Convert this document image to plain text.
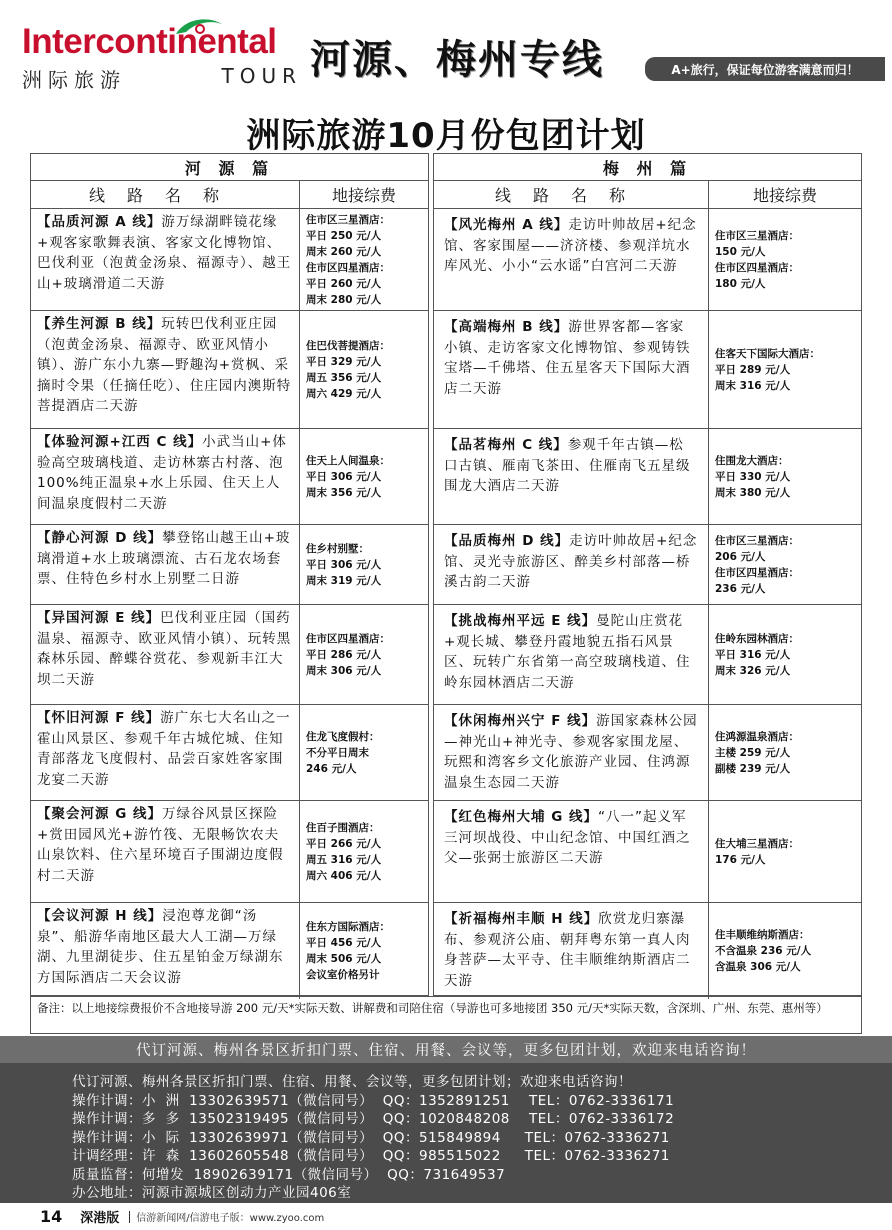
Intercontinental
洲际旅游	TOUR 河源、梅州专线	A+旅行，保证每位游客满意而归！
洲际旅游10月份包团计划
河 源 篇
线路名称	地接综费
【品质河源 A 线】游万绿湖畔镜花缘+观客家歌舞表演、客家文化博物馆、巴伐利亚（泡黄金汤泉、福源寺）、越王山+玻璃滑道二天游
住市区三星酒店：
平日 250 元/人
周末 260 元/人
住市区四星酒店：
平日 260 元/人
周末 280 元/人
【养生河源 B 线】玩转巴伐利亚庄园（泡黄金汤泉、福源寺、欧亚风情小镇）、游广东小九寨—野趣沟+赏枫、采摘时令果（任摘任吃）、住庄园内澳斯特菩提酒店二天游
住巴伐菩提酒店：
平日 329 元/人
周五 356 元/人
周六 429 元/人
【体验河源+江西 C 线】小武当山+体验高空玻璃栈道、走访林寨古村落、泡 100%纯正温泉+水上乐园、住天上人间温泉度假村二天游
住天上人间温泉：
平日 306 元/人
周末 356 元/人
【静心河源 D 线】攀登铭山越王山+玻璃滑道+水上玻璃漂流、古石龙农场套票、住特色乡村水上别墅二日游
住乡村别墅：
平日 306 元/人
周末 319 元/人
【异国河源 E 线】巴伐利亚庄园（国药温泉、福源寺、欧亚风情小镇）、玩转黑森林乐园、醉蝶谷赏花、参观新丰江大坝二天游
住市区四星酒店：
平日 286 元/人
周末 306 元/人
【怀旧河源 F 线】游广东七大名山之一霍山风景区、参观千年古城佗城、住知青部落龙飞度假村、品尝百家姓客家围龙宴二天游
住龙飞度假村：
不分平日周末
246 元/人
【聚会河源 G 线】万绿谷风景区探险+赏田园风光+游竹筏、无限畅饮农夫山泉饮料、住六星环境百子围湖边度假村二天游
住百子围酒店：
平日 266 元/人
周五 316 元/人
周六 406 元/人
【会议河源 H 线】浸泡尊龙御“汤泉”、船游华南地区最大人工湖—万绿湖、九里湖徒步、住五星铂金万绿湖东方国际酒店二天会议游
住东方国际酒店：
平日 456 元/人
周末 506 元/人
会议室价格另计
梅 州 篇
线路名称	地接综费
【风光梅州 A 线】走访叶帅故居+纪念馆、客家围屋——济济楼、参观洋坑水库风光、小小“云水谣”白宫河二天游
住市区三星酒店：
150 元/人
住市区四星酒店：
180 元/人
【高端梅州 B 线】游世界客都—客家小镇、走访客家文化博物馆、参观铸铁宝塔—千佛塔、住五星客天下国际大酒店二天游
住客天下国际大酒店：
平日 289 元/人
周末 316 元/人
【品茗梅州 C 线】参观千年古镇—松口古镇、雁南飞茶田、住雁南飞五星级围龙大酒店二天游
住围龙大酒店：
平日 330 元/人
周末 380 元/人
【品质梅州 D 线】走访叶帅故居+纪念馆、灵光寺旅游区、醉美乡村部落—桥溪古韵二天游
住市区三星酒店：
206 元/人
住市区四星酒店：
236 元/人
【挑战梅州平远 E 线】曼陀山庄赏花+观长城、攀登丹霞地貌五指石风景区、玩转广东省第一高空玻璃栈道、住岭东园林酒店二天游
住岭东园林酒店：
平日 316 元/人
周末 326 元/人
【休闲梅州兴宁 F 线】游国家森林公园—神光山+神光寺、参观客家围龙屋、玩熙和湾客乡文化旅游产业园、住鸿源温泉生态园二天游
住鸿源温泉酒店：
主楼 259 元/人
副楼 239 元/人
【红色梅州大埔 G 线】“八一”起义军三河坝战役、中山纪念馆、中国红酒之父—张弼士旅游区二天游
住大埔三星酒店：
176 元/人
【祈福梅州丰顺 H 线】欣赏龙归寨瀑布、参观济公庙、朝拜粤东第一真人肉身菩萨—太平寺、住丰顺维纳斯酒店二天游
住丰顺维纳斯酒店：
不含温泉 236 元/人
含温泉 306 元/人
备注：以上地接综费报价不含地接导游 200 元/天*实际天数、讲解费和司陪住宿（导游也可多地接团 350 元/天*实际天数，含深圳、广州、东莞、惠州等）
代订河源、梅州各景区折扣门票、住宿、用餐、会议等，更多包团计划，欢迎来电话咨询！
代订河源、梅州各景区折扣门票、住宿、用餐、会议等，更多包团计划；欢迎来电话咨询！
操作计调：小  洲  13302639571（微信同号）  QQ：1352891251    TEL：0762-3336171
操作计调：多  多  13502319495（微信同号）  QQ：1020848208    TEL：0762-3336172
操作计调：小  际  13302639971（微信同号）  QQ：515849894     TEL：0762-3336271
计调经理：许  森  13602605548（微信同号）  QQ：985515022     TEL：0762-3336271
质量监督：何增发  18902639171（微信同号）  QQ：731649537
办公地址：河源市源城区创动力产业园406室
14 深港版 信游新闻网/信游电子版：www.zyoo.com
